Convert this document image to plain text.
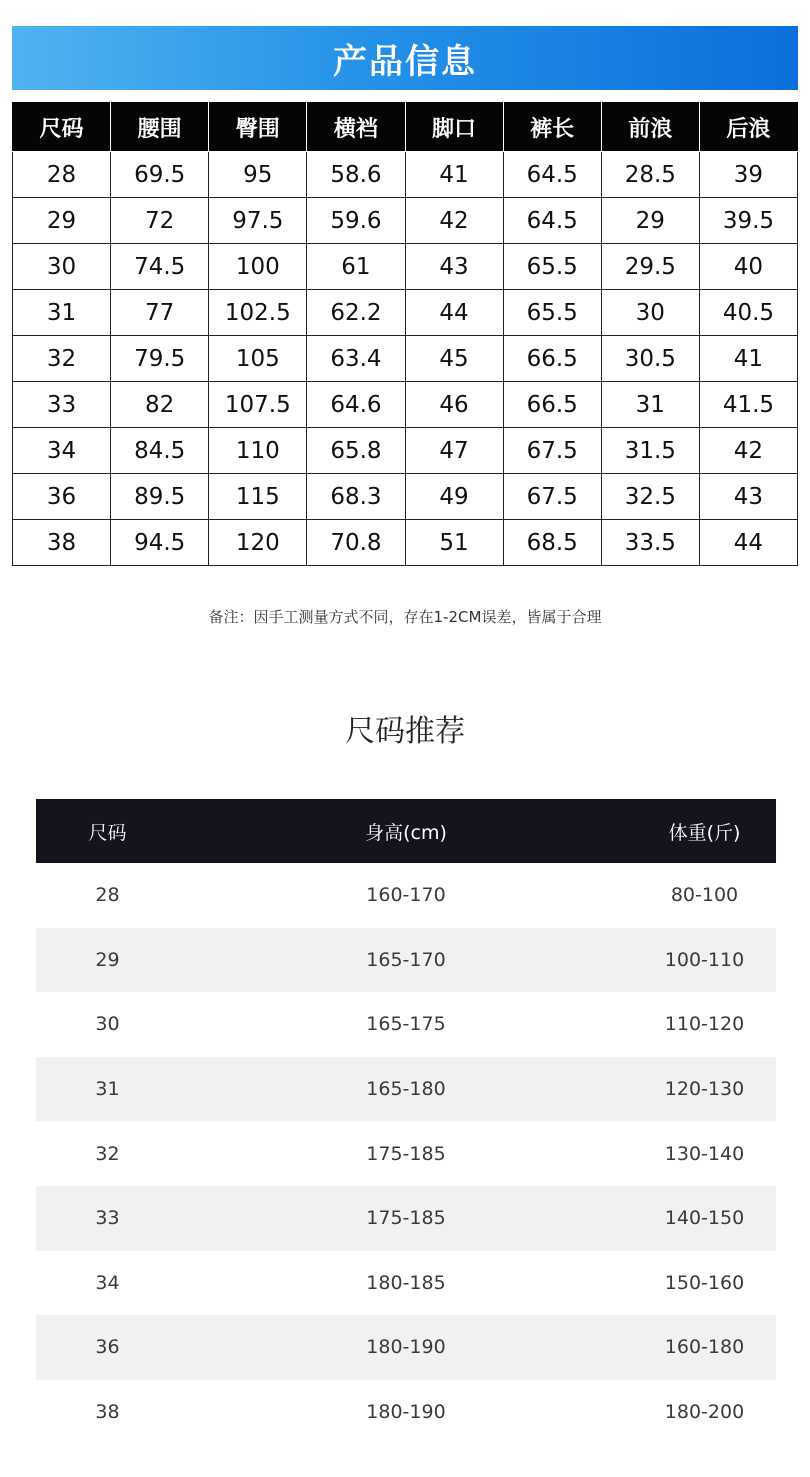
产品信息
尺码	腰围	臀围	横裆	脚口	裤长	前浪	后浪
28	69.5	95	58.6	41	64.5	28.5	39
29	72	97.5	59.6	42	64.5	29	39.5
30	74.5	100	61	43	65.5	29.5	40
31	77	102.5	62.2	44	65.5	30	40.5
32	79.5	105	63.4	45	66.5	30.5	41
33	82	107.5	64.6	46	66.5	31	41.5
34	84.5	110	65.8	47	67.5	31.5	42
36	89.5	115	68.3	49	67.5	32.5	43
38	94.5	120	70.8	51	68.5	33.5	44
备注：因手工测量方式不同，存在1-2CM误差，皆属于合理
尺码推荐
尺码	身高(cm)	体重(斤)
28	160-170	80-100
29	165-170	100-110
30	165-175	110-120
31	165-180	120-130
32	175-185	130-140
33	175-185	140-150
34	180-185	150-160
36	180-190	160-180
38	180-190	180-200
